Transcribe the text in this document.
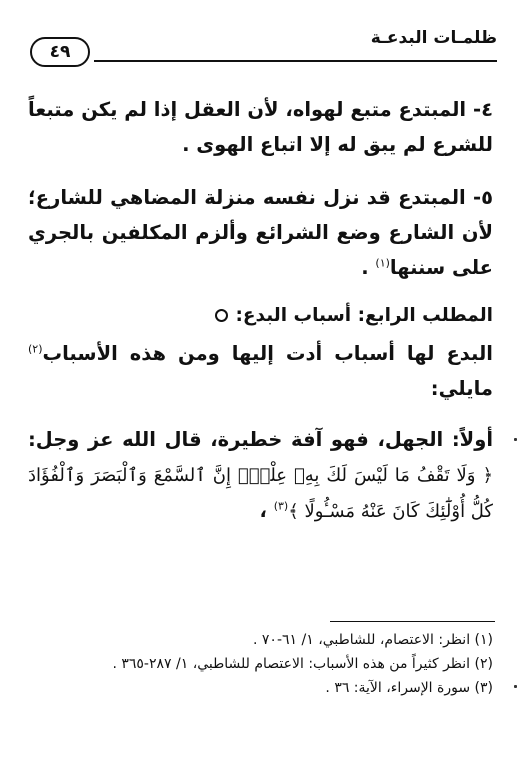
ظلمـات البدعـة
٤٩

٤- المبتدع متبع لهواه، لأن العقل إذا لم يكن متبعاً للشرع لم يبق له إلا اتباع الهوى .

٥- المبتدع قد نزل نفسه منزلة المضاهي للشارع؛ لأن الشارع وضع الشرائع وألزم المكلفين بالجري على سننها$^{(١)}$ .

المطلب الرابع: أسباب البدع:

البدع لها أسباب أدت إليها ومن هذه الأسباب$^{(٢)}$ مايلي:

أولاً: الجهل، فهو آفة خطيرة، قال الله عز وجل: ﴿ وَلَا تَقْفُ مَا لَيْسَ لَكَ بِهِۦ عِلْمٌۚ إِنَّ ٱلسَّمْعَ وَٱلْبَصَرَ وَٱلْفُؤَادَ كُلُّ أُوْلَٰٓئِكَ كَانَ عَنْهُ مَسْـُٔولًا ﴾$^{(٣)}$ ،

(١) انظر: الاعتصام، للشاطبي، ١/ ٦١-٧٠ .

(٢) انظر كثيراً من هذه الأسباب: الاعتصام للشاطبي، ١/ ٢٨٧-٣٦٥ .

(٣) سورة الإسراء، الآية: ٣٦ .
